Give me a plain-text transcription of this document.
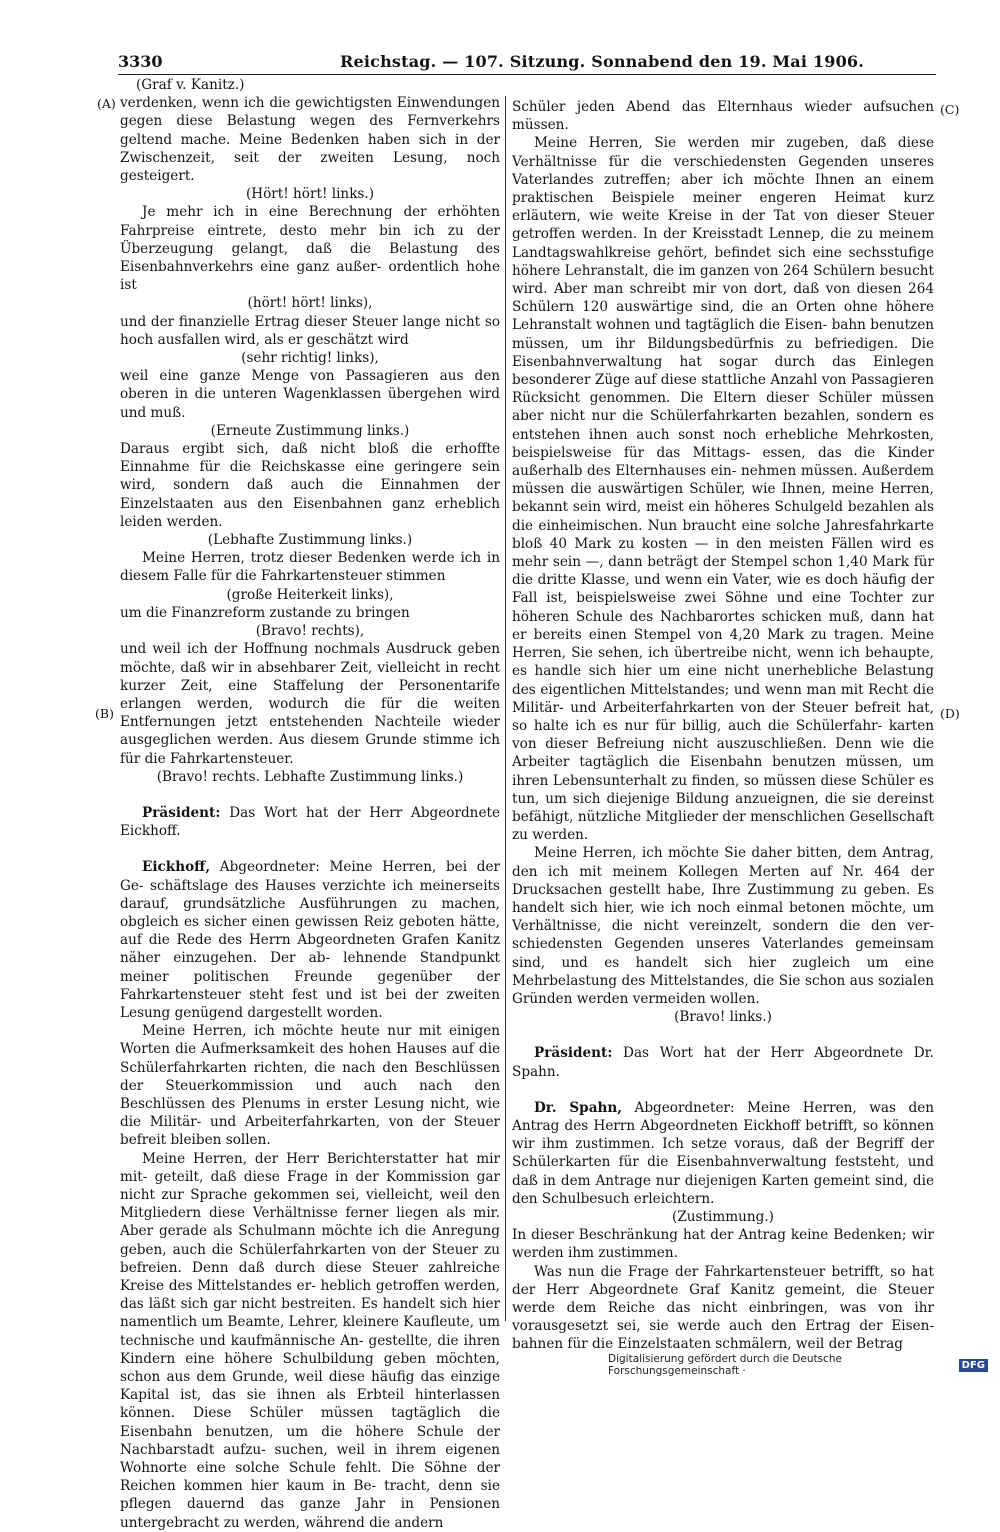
3330	Reichstag. — 107. Sitzung. Sonnabend den 19. Mai 1906.
(A)
(B)
(C)
(D)

(Graf v. Kanitz.)

verdenken, wenn ich die gewichtigsten Einwendungen gegen diese Belastung wegen des Fernverkehrs geltend mache. Meine Bedenken haben sich in der Zwischenzeit, seit der zweiten Lesung, noch gesteigert.

(Hört! hört! links.)

Je mehr ich in eine Berechnung der erhöhten Fahrpreise eintrete, desto mehr bin ich zu der Überzeugung gelangt, daß die Belastung des Eisenbahnverkehrs eine ganz außer- ordentlich hohe ist

(hört! hört! links),

und der finanzielle Ertrag dieser Steuer lange nicht so hoch ausfallen wird, als er geschätzt wird

(sehr richtig! links),

weil eine ganze Menge von Passagieren aus den oberen in die unteren Wagenklassen übergehen wird und muß.

(Erneute Zustimmung links.)

Daraus ergibt sich, daß nicht bloß die erhoffte Einnahme für die Reichskasse eine geringere sein wird, sondern daß auch die Einnahmen der Einzelstaaten aus den Eisenbahnen ganz erheblich leiden werden.

(Lebhafte Zustimmung links.)

Meine Herren, trotz dieser Bedenken werde ich in diesem Falle für die Fahrkartensteuer stimmen

(große Heiterkeit links),

um die Finanzreform zustande zu bringen

(Bravo! rechts),

und weil ich der Hoffnung nochmals Ausdruck geben möchte, daß wir in absehbarer Zeit, vielleicht in recht kurzer Zeit, eine Staffelung der Personentarife erlangen werden, wodurch die für die weiten Entfernungen jetzt entstehenden Nachteile wieder ausgeglichen werden. Aus diesem Grunde stimme ich für die Fahrkartensteuer.

(Bravo! rechts. Lebhafte Zustimmung links.)

Präsident: Das Wort hat der Herr Abgeordnete Eickhoff.

Eickhoff, Abgeordneter: Meine Herren, bei der Ge- schäftslage des Hauses verzichte ich meinerseits darauf, grundsätzliche Ausführungen zu machen, obgleich es sicher einen gewissen Reiz geboten hätte, auf die Rede des Herrn Abgeordneten Grafen Kanitz näher einzugehen. Der ab- lehnende Standpunkt meiner politischen Freunde gegenüber der Fahrkartensteuer steht fest und ist bei der zweiten Lesung genügend dargestellt worden.

Meine Herren, ich möchte heute nur mit einigen Worten die Aufmerksamkeit des hohen Hauses auf die Schülerfahrkarten richten, die nach den Beschlüssen der Steuerkommission und auch nach den Beschlüssen des Plenums in erster Lesung nicht, wie die Militär- und Arbeiterfahrkarten, von der Steuer befreit bleiben sollen.

Meine Herren, der Herr Berichterstatter hat mir mit- geteilt, daß diese Frage in der Kommission gar nicht zur Sprache gekommen sei, vielleicht, weil den Mitgliedern diese Verhältnisse ferner liegen als mir. Aber gerade als Schulmann möchte ich die Anregung geben, auch die Schülerfahrkarten von der Steuer zu befreien. Denn daß durch diese Steuer zahlreiche Kreise des Mittelstandes er- heblich getroffen werden, das läßt sich gar nicht bestreiten. Es handelt sich hier namentlich um Beamte, Lehrer, kleinere Kaufleute, um technische und kaufmännische An- gestellte, die ihren Kindern eine höhere Schulbildung geben möchten, schon aus dem Grunde, weil diese häufig das einzige Kapital ist, das sie ihnen als Erbteil hinterlassen können. Diese Schüler müssen tagtäglich die Eisenbahn benutzen, um die höhere Schule der Nachbarstadt aufzu- suchen, weil in ihrem eigenen Wohnorte eine solche Schule fehlt. Die Söhne der Reichen kommen hier kaum in Be- tracht, denn sie pflegen dauernd das ganze Jahr in Pensionen untergebracht zu werden, während die andern

Schüler jeden Abend das Elternhaus wieder aufsuchen müssen.

Meine Herren, Sie werden mir zugeben, daß diese Verhältnisse für die verschiedensten Gegenden unseres Vaterlandes zutreffen; aber ich möchte Ihnen an einem praktischen Beispiele meiner engeren Heimat kurz erläutern, wie weite Kreise in der Tat von dieser Steuer getroffen werden. In der Kreisstadt Lennep, die zu meinem Landtagswahlkreise gehört, befindet sich eine sechsstufige höhere Lehranstalt, die im ganzen von 264 Schülern besucht wird. Aber man schreibt mir von dort, daß von diesen 264 Schülern 120 auswärtige sind, die an Orten ohne höhere Lehranstalt wohnen und tagtäglich die Eisen- bahn benutzen müssen, um ihr Bildungsbedürfnis zu befriedigen. Die Eisenbahnverwaltung hat sogar durch das Einlegen besonderer Züge auf diese stattliche Anzahl von Passagieren Rücksicht genommen. Die Eltern dieser Schüler müssen aber nicht nur die Schülerfahrkarten bezahlen, sondern es entstehen ihnen auch sonst noch erhebliche Mehrkosten, beispielsweise für das Mittags- essen, das die Kinder außerhalb des Elternhauses ein- nehmen müssen. Außerdem müssen die auswärtigen Schüler, wie Ihnen, meine Herren, bekannt sein wird, meist ein höheres Schulgeld bezahlen als die einheimischen. Nun braucht eine solche Jahresfahrkarte bloß 40 Mark zu kosten — in den meisten Fällen wird es mehr sein —, dann beträgt der Stempel schon 1,40 Mark für die dritte Klasse, und wenn ein Vater, wie es doch häufig der Fall ist, beispielsweise zwei Söhne und eine Tochter zur höheren Schule des Nachbarortes schicken muß, dann hat er bereits einen Stempel von 4,20 Mark zu tragen. Meine Herren, Sie sehen, ich übertreibe nicht, wenn ich behaupte, es handle sich hier um eine nicht unerhebliche Belastung des eigentlichen Mittelstandes; und wenn man mit Recht die Militär- und Arbeiterfahrkarten von der Steuer befreit hat, so halte ich es nur für billig, auch die Schülerfahr- karten von dieser Befreiung nicht auszuschließen. Denn wie die Arbeiter tagtäglich die Eisenbahn benutzen müssen, um ihren Lebensunterhalt zu finden, so müssen diese Schüler es tun, um sich diejenige Bildung anzueignen, die sie dereinst befähigt, nützliche Mitglieder der menschlichen Gesellschaft zu werden.

Meine Herren, ich möchte Sie daher bitten, dem Antrag, den ich mit meinem Kollegen Merten auf Nr. 464 der Drucksachen gestellt habe, Ihre Zustimmung zu geben. Es handelt sich hier, wie ich noch einmal betonen möchte, um Verhältnisse, die nicht vereinzelt, sondern die den ver- schiedensten Gegenden unseres Vaterlandes gemeinsam sind, und es handelt sich hier zugleich um eine Mehrbelastung des Mittelstandes, die Sie schon aus sozialen Gründen werden vermeiden wollen.

(Bravo! links.)

Präsident: Das Wort hat der Herr Abgeordnete Dr. Spahn.

Dr. Spahn, Abgeordneter: Meine Herren, was den Antrag des Herrn Abgeordneten Eickhoff betrifft, so können wir ihm zustimmen. Ich setze voraus, daß der Begriff der Schülerkarten für die Eisenbahnverwaltung feststeht, und daß in dem Antrage nur diejenigen Karten gemeint sind, die den Schulbesuch erleichtern.

(Zustimmung.)

In dieser Beschränkung hat der Antrag keine Bedenken; wir werden ihm zustimmen.

Was nun die Frage der Fahrkartensteuer betrifft, so hat der Herr Abgeordnete Graf Kanitz gemeint, die Steuer werde dem Reiche das nicht einbringen, was von ihr vorausgesetzt sei, sie werde auch den Ertrag der Eisen- bahnen für die Einzelstaaten schmälern, weil der Betrag

Digitalisierung gefördert durch die Deutsche Forschungsgemeinschaft ·	DFG
